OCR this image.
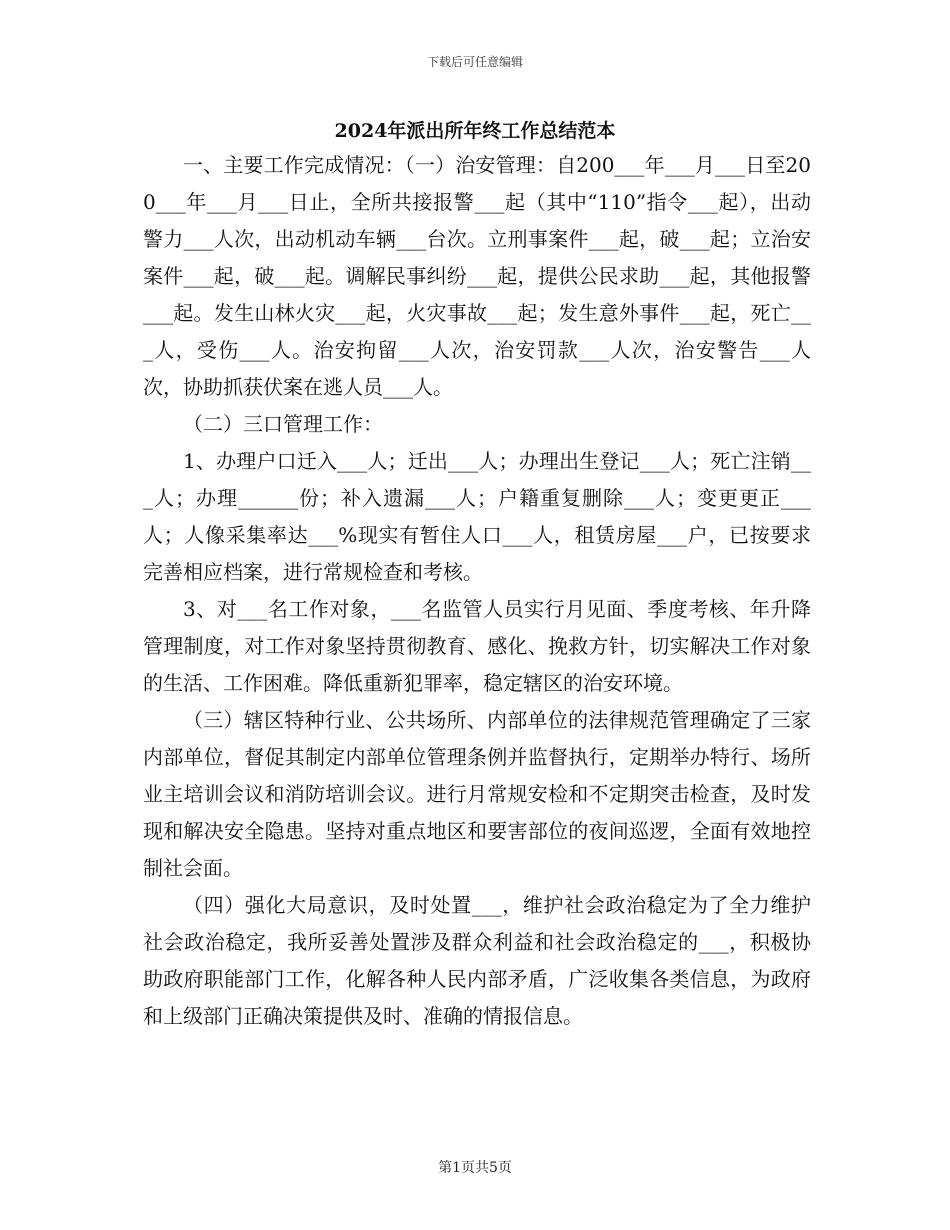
下载后可任意编辑
2024年派出所年终工作总结范本

一、主要工作完成情况：（一）治安管理：自200___年___月___日至200___年___月___日止，全所共接报警___起（其中“110”指令___起），出动警力___人次，出动机动车辆___台次。立刑事案件___起，破___起；立治安案件___起，破___起。调解民事纠纷___起，提供公民求助___起，其他报警___起。发生山林火灾___起，火灾事故___起；发生意外事件___起，死亡___人，受伤___人。治安拘留___人次，治安罚款___人次，治安警告___人次，协助抓获伏案在逃人员___人。

（二）三口管理工作：

1、办理户口迁入___人；迁出___人；办理出生登记___人；死亡注销___人；办理______份；补入遗漏___人；户籍重复删除___人；变更更正___人；人像采集率达___%现实有暂住人口___人，租赁房屋___户，已按要求完善相应档案，进行常规检查和考核。

3、对___名工作对象，___名监管人员实行月见面、季度考核、年升降管理制度，对工作对象坚持贯彻教育、感化、挽救方针，切实解决工作对象的生活、工作困难。降低重新犯罪率，稳定辖区的治安环境。

（三）辖区特种行业、公共场所、内部单位的法律规范管理确定了三家内部单位，督促其制定内部单位管理条例并监督执行，定期举办特行、场所业主培训会议和消防培训会议。进行月常规安检和不定期突击检查，及时发现和解决安全隐患。坚持对重点地区和要害部位的夜间巡逻，全面有效地控制社会面。

（四）强化大局意识，及时处置___，维护社会政治稳定为了全力维护社会政治稳定，我所妥善处置涉及群众利益和社会政治稳定的___，积极协助政府职能部门工作，化解各种人民内部矛盾，广泛收集各类信息，为政府和上级部门正确决策提供及时、准确的情报信息。

第1页共5页
